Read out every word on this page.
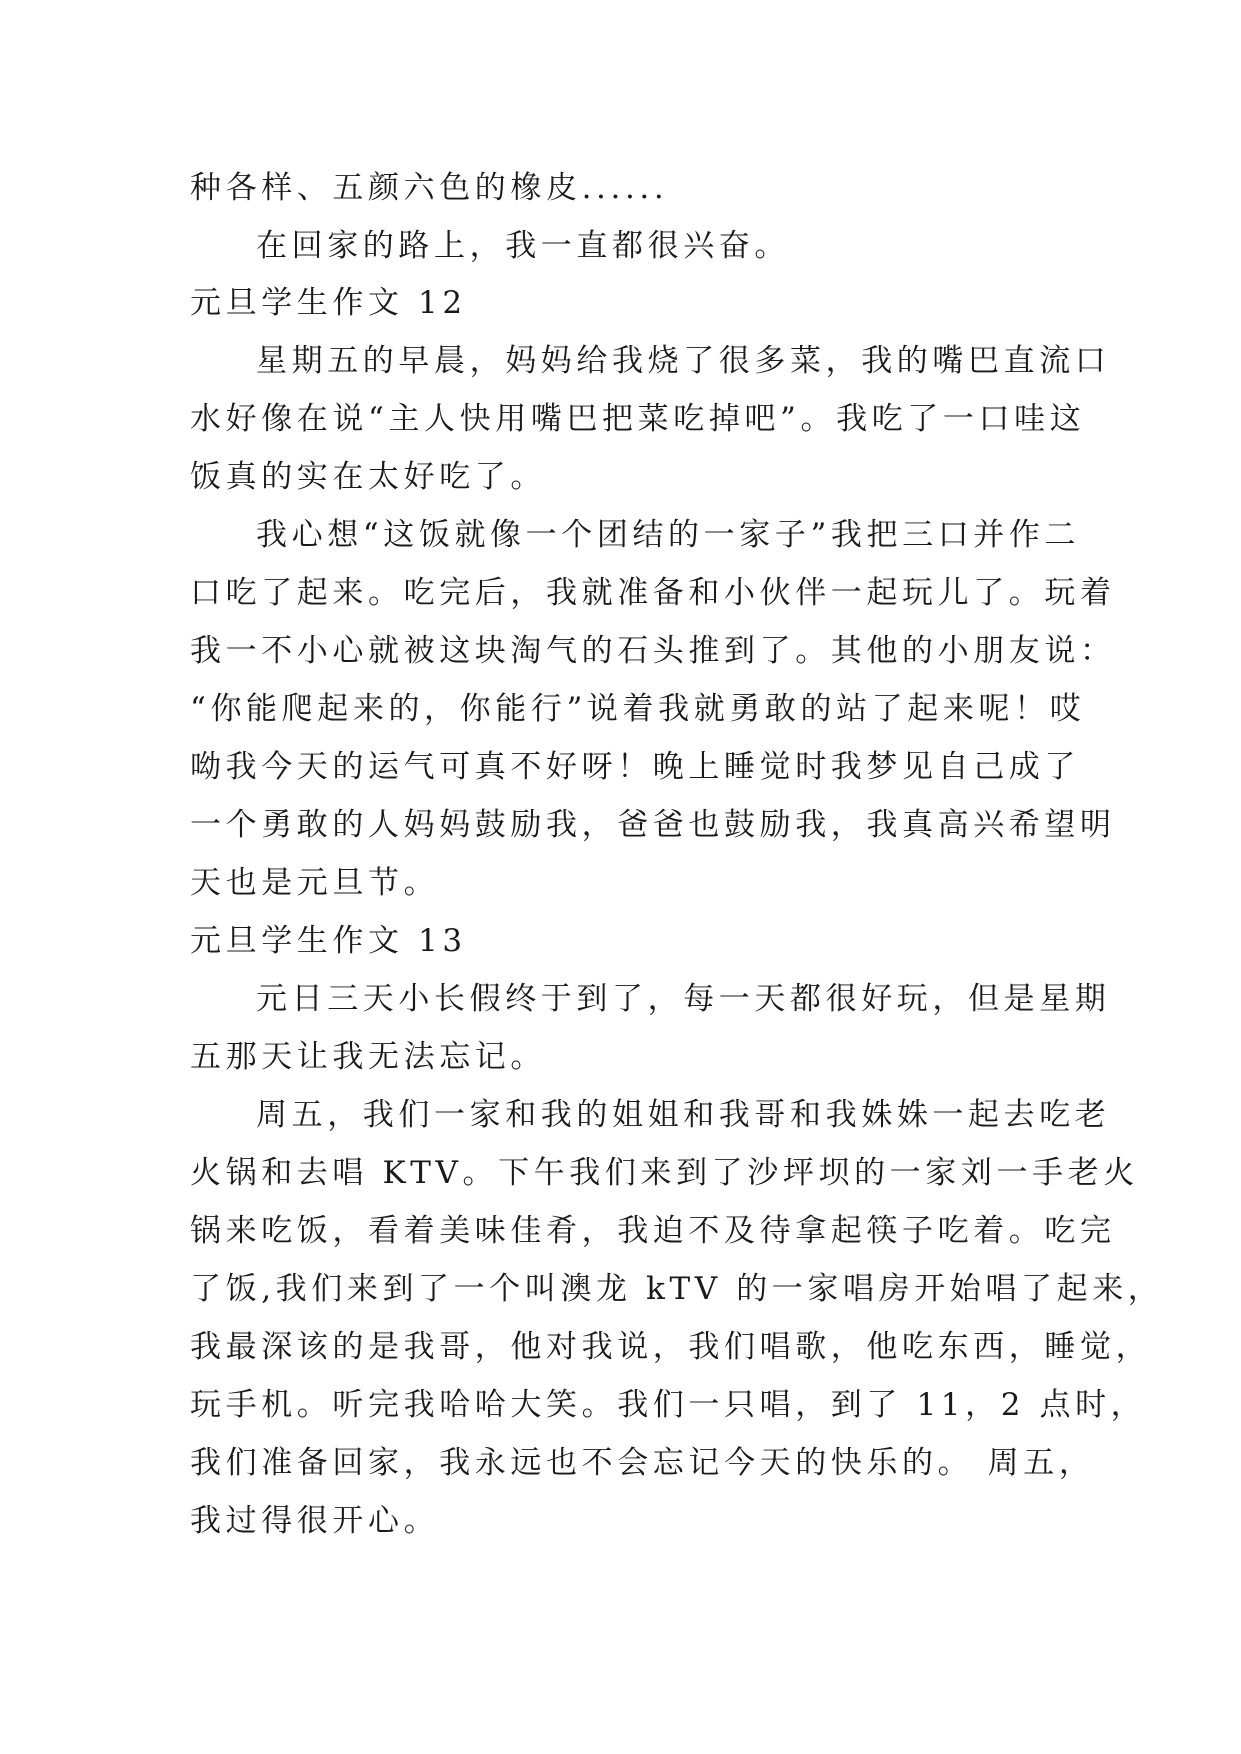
种各样、五颜六色的橡皮......
在回家的路上，我一直都很兴奋。
元旦学生作文 12
星期五的早晨，妈妈给我烧了很多菜，我的嘴巴直流口
水好像在说“主人快用嘴巴把菜吃掉吧”。我吃了一口哇这
饭真的实在太好吃了。
我心想“这饭就像一个团结的一家子”我把三口并作二
口吃了起来。吃完后，我就准备和小伙伴一起玩儿了。玩着
我一不小心就被这块淘气的石头推到了。其他的小朋友说：
“你能爬起来的，你能行”说着我就勇敢的站了起来呢！哎
呦我今天的运气可真不好呀！晚上睡觉时我梦见自己成了
一个勇敢的人妈妈鼓励我，爸爸也鼓励我，我真高兴希望明
天也是元旦节。
元旦学生作文 13
元日三天小长假终于到了，每一天都很好玩，但是星期
五那天让我无法忘记。
周五，我们一家和我的姐姐和我哥和我姝姝一起去吃老
火锅和去唱 KTV。下午我们来到了沙坪坝的一家刘一手老火
锅来吃饭，看着美味佳肴，我迫不及待拿起筷子吃着。吃完
了饭,我们来到了一个叫澳龙 kTV 的一家唱房开始唱了起来，
我最深该的是我哥，他对我说，我们唱歌，他吃东西，睡觉，
玩手机。听完我哈哈大笑。我们一只唱，到了 11，2 点时，
我们准备回家，我永远也不会忘记今天的快乐的。 周五，
我过得很开心。
